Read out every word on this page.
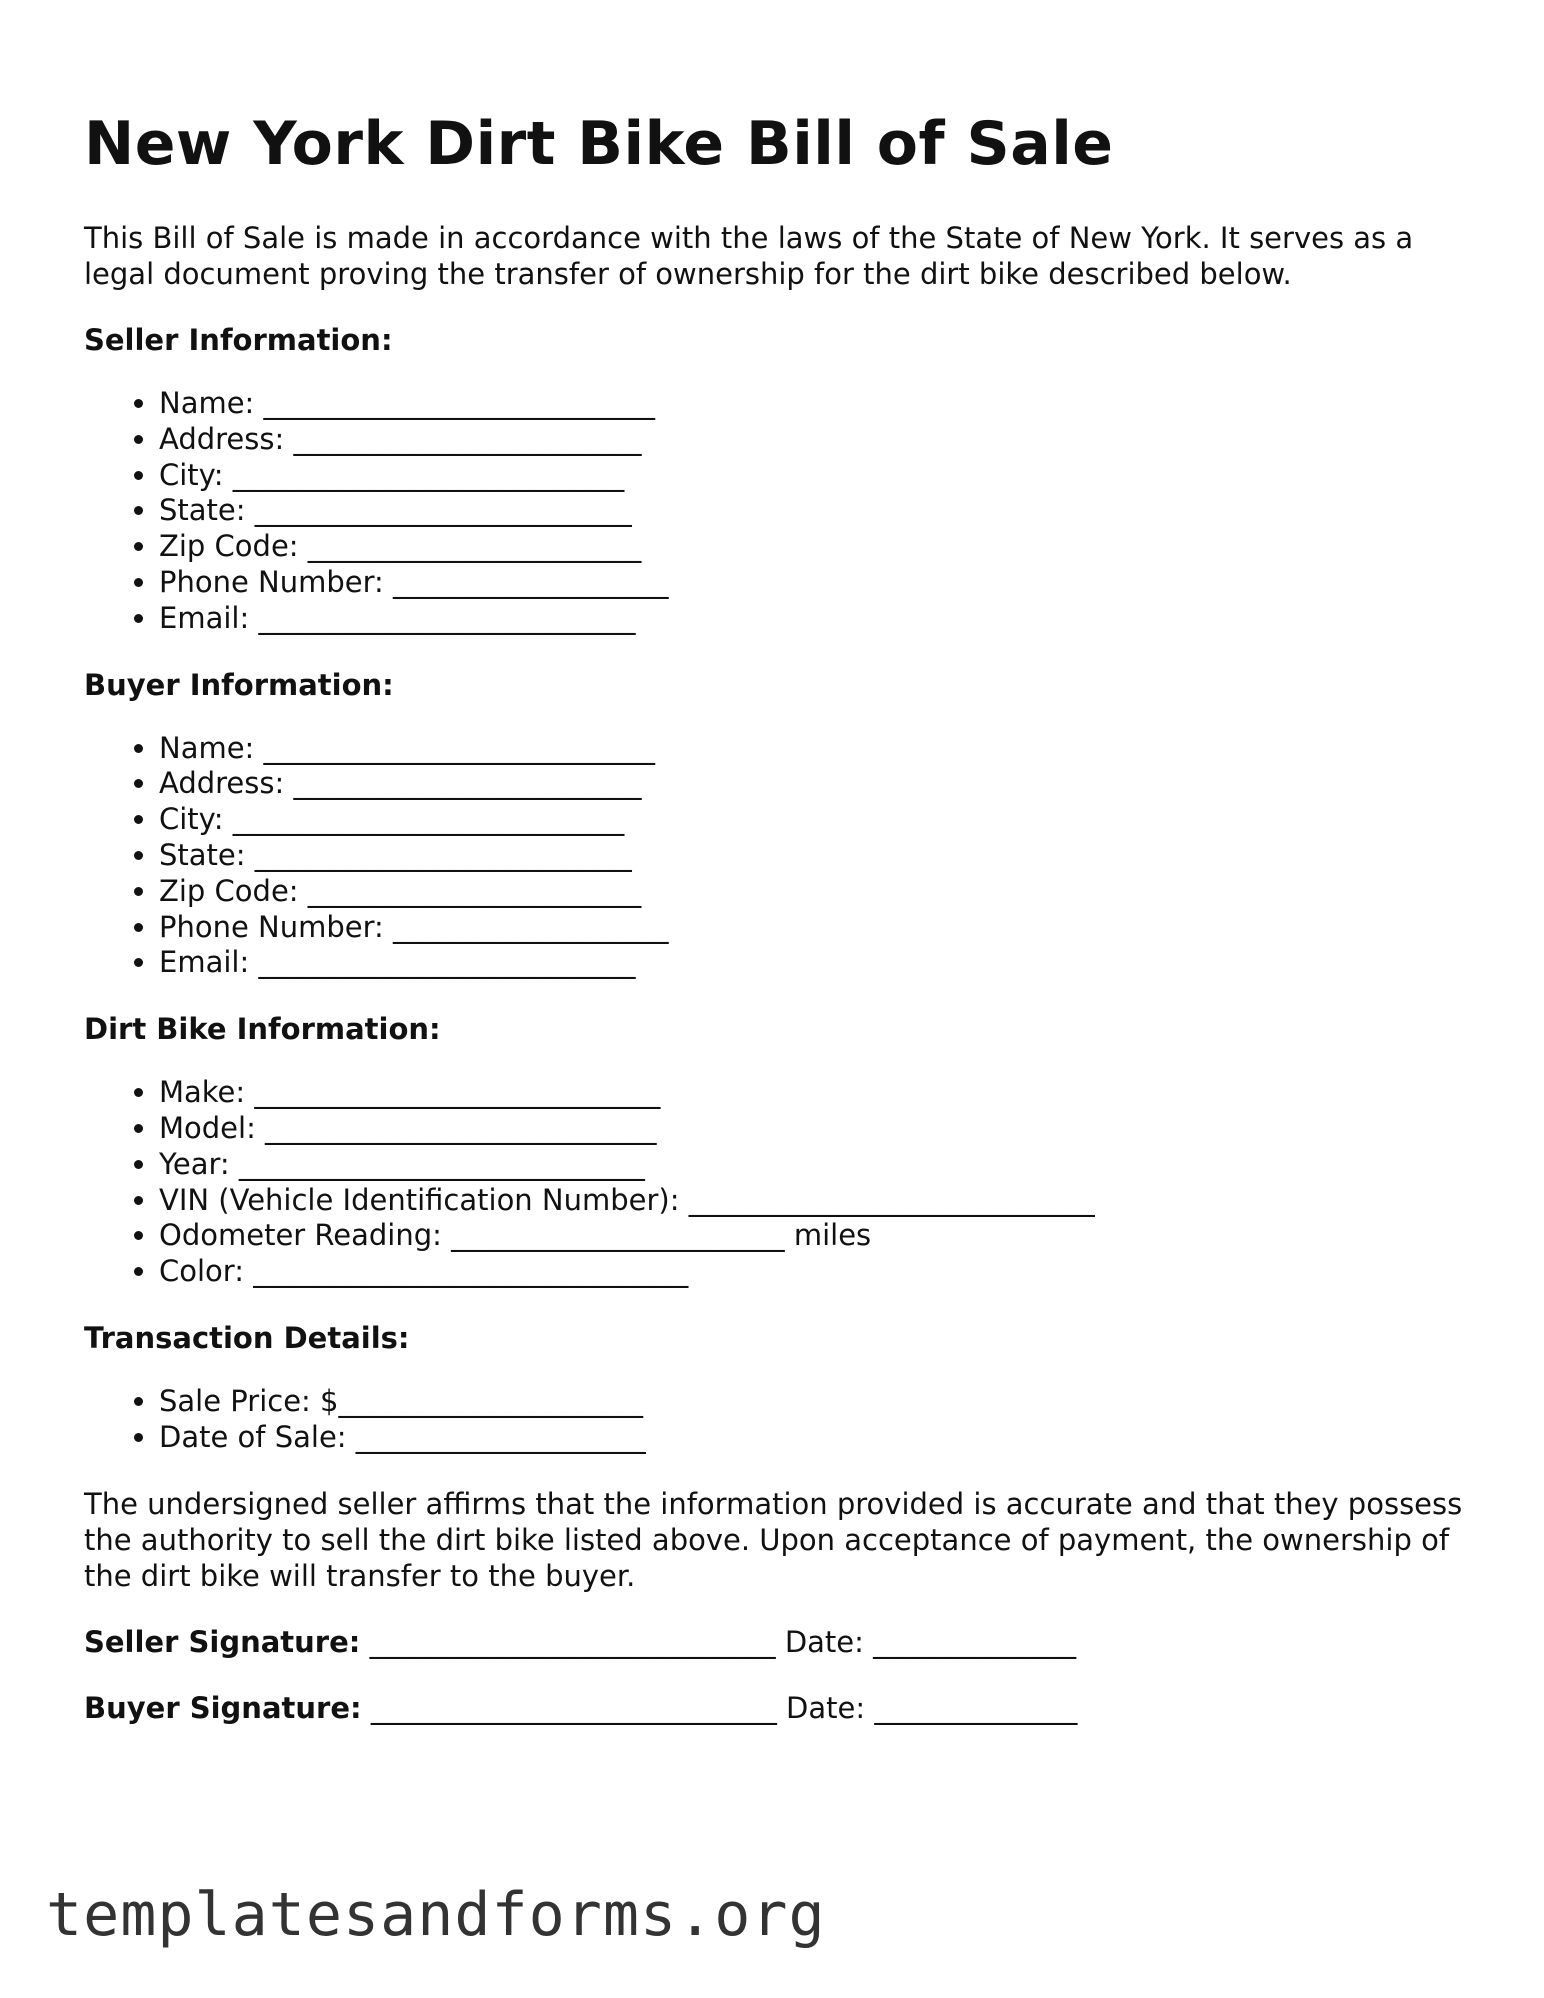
New York Dirt Bike Bill of Sale

This Bill of Sale is made in accordance with the laws of the State of New York. It serves as a legal document proving the transfer of ownership for the dirt bike described below.

Seller Information:
• Name: ___________________________
• Address: ________________________
• City: ___________________________
• State: __________________________
• Zip Code: _______________________
• Phone Number: ___________________
• Email: __________________________
Buyer Information:
• Name: ___________________________
• Address: ________________________
• City: ___________________________
• State: __________________________
• Zip Code: _______________________
• Phone Number: ___________________
• Email: __________________________
Dirt Bike Information:
• Make: ____________________________
• Model: ___________________________
• Year: ____________________________
• VIN (Vehicle Identification Number): ____________________________
• Odometer Reading: _______________________ miles
• Color: ______________________________
Transaction Details:
• Sale Price: $_____________________
• Date of Sale: ____________________

The undersigned seller affirms that the information provided is accurate and that they possess the authority to sell the dirt bike listed above. Upon acceptance of payment, the ownership of the dirt bike will transfer to the buyer.

Seller Signature: ____________________________ Date: ______________
Buyer Signature: ____________________________ Date: ______________
templatesandforms.org
